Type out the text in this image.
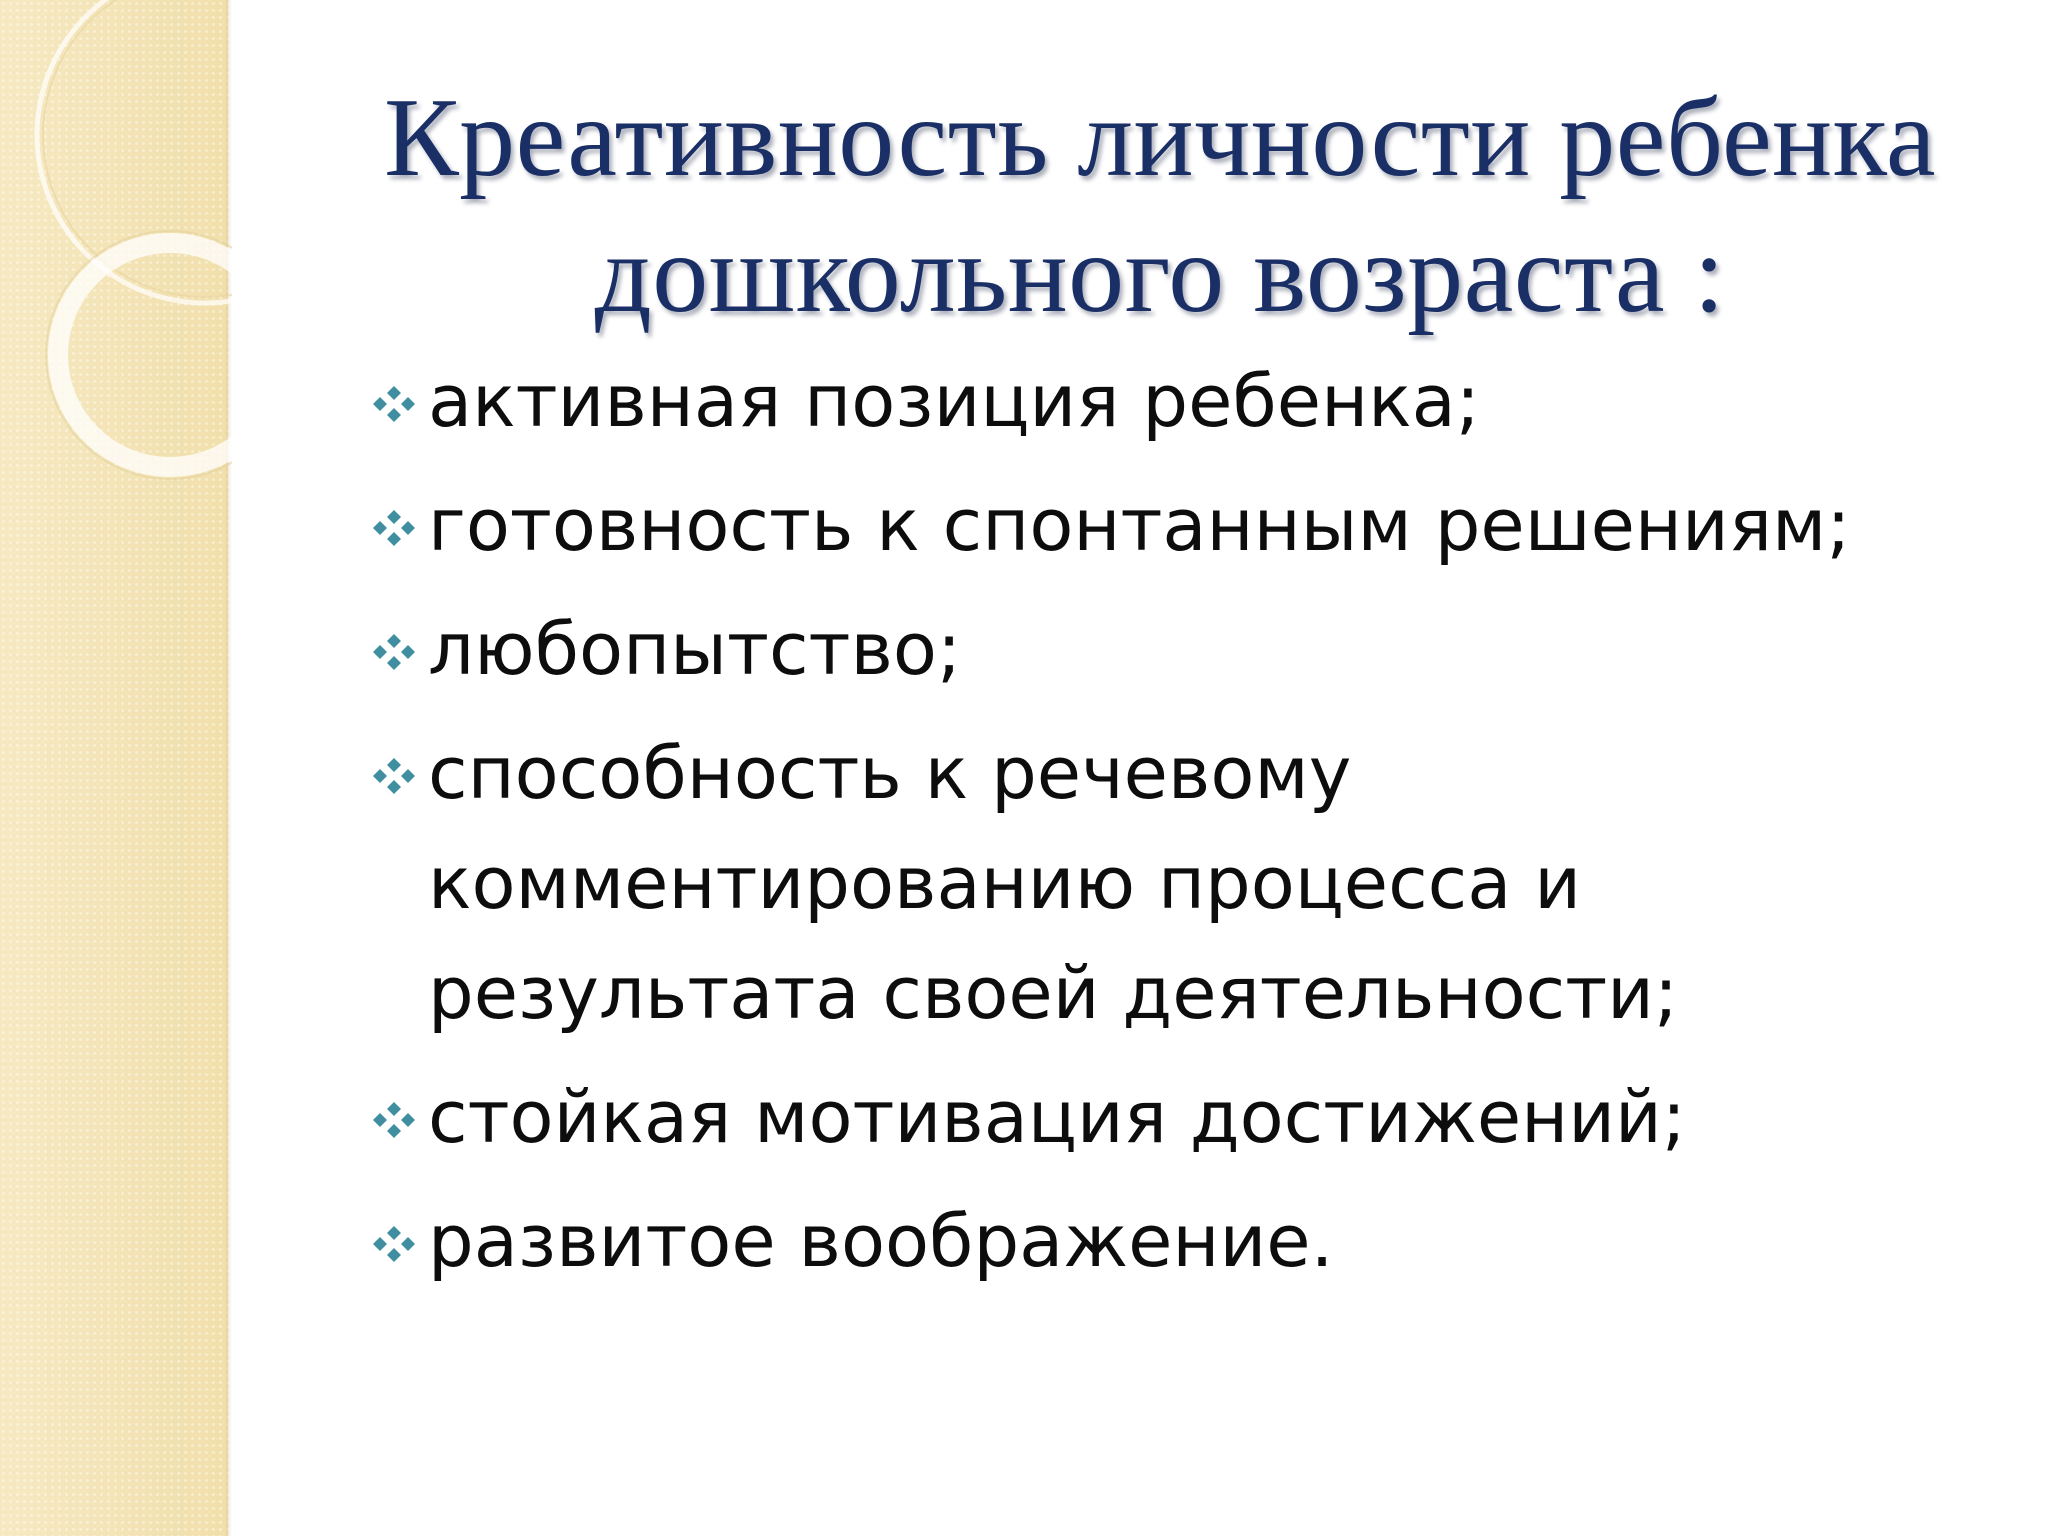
Креативность личности ребенка
дошкольного возраста :
активная позиция ребенка;
готовность к спонтанным решениям;
любопытство;
способность к речевому комментированию процесса и результата своей деятельности;
стойкая мотивация достижений;
развитое воображение.
